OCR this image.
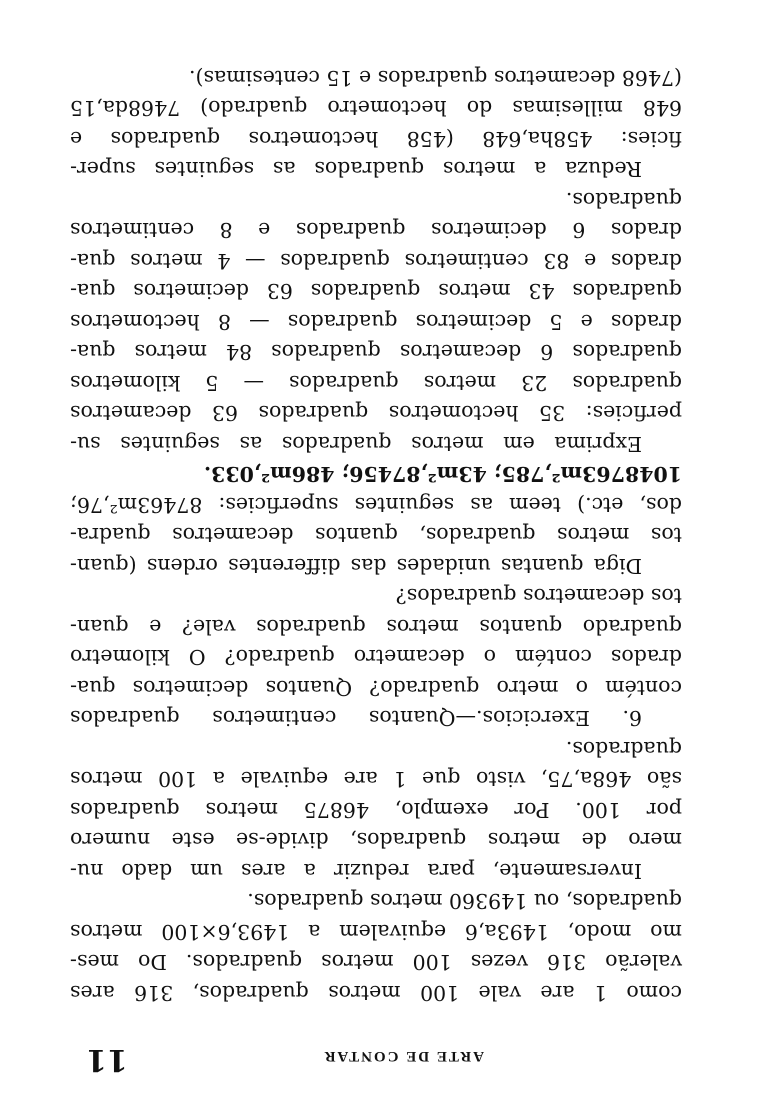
ARTE DE CONTAR
11

como 1 are vale 100 metros quadrados, 316 ares
valerão 316 vezes 100 metros quadrados. Do mes-
mo modo, 1493a,6 equivalem a 1493,6×100 metros
quadrados, ou 149360 metros quadrados.

Inversamente, para reduzir a ares um dado nu-
mero de metros quadrados, divide-se este numero
por 100. Por exemplo, 46875 metros quadrados
são 468a,75, visto que 1 are equivale a 100 metros
quadrados.

6. Exercicios.—Quantos centimetros quadrados
contém o metro quadrado? Quantos decimetros qua-
drados contém o decametro quadrado? O kilometro
quadrado quantos metros quadrados vale? e quan-
tos decametros quadrados?

Diga quantas unidades das differentes ordens (quan-
tos metros quadrados, quantos decametros quadra-
dos, etc.) teem as seguintes superficies: 87463m²,76;
1048763m²,785; 43m²,87456; 486m²,033.

Exprima em metros quadrados as seguintes su-
perficies: 35 hectometros quadrados 63 decametros
quadrados 23 metros quadrados — 5 kilometros
quadrados 6 decametros quadrados 84 metros qua-
drados e 5 decimetros quadrados — 8 hectometros
quadrados 43 metros quadrados 63 decimetros qua-
drados e 83 centimetros quadrados — 4 metros qua-
drados 6 decimetros quadrados e 8 centimetros
quadrados.

Reduza a metros quadrados as seguintes super-
ficies: 458ha,648 (458 hectometros quadrados e
648 millesimas do hectometro quadrado) 7468da,15
(7468 decametros quadrados e 15 centesimas).
